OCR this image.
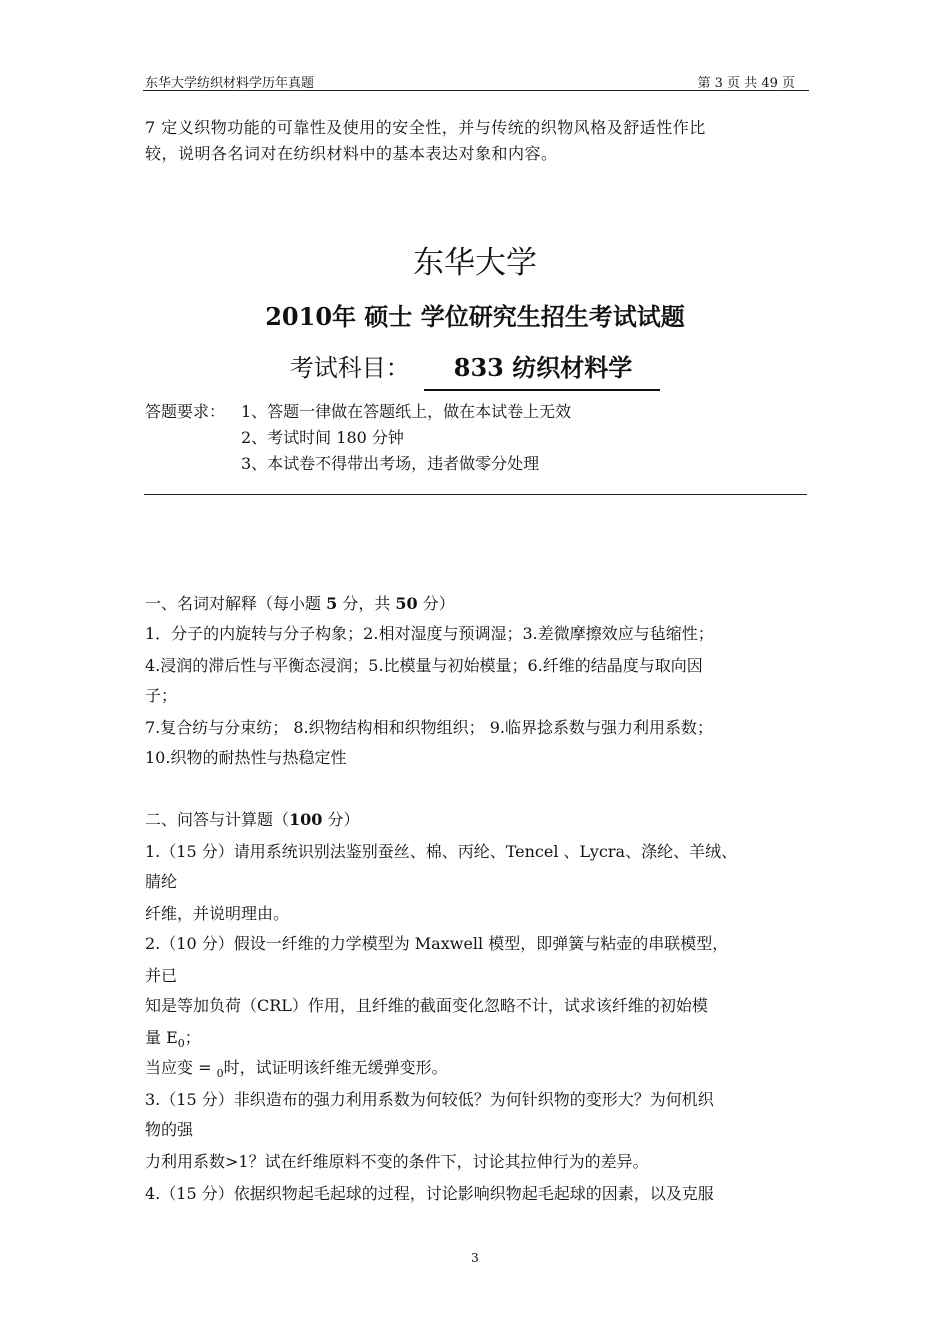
东华大学纺织材料学历年真题	第 3 页 共 49 页
7 定义织物功能的可靠性及使用的安全性，并与传统的织物风格及舒适性作比
较，说明各名词对在纺织材料中的基本表达对象和内容。
东华大学
2010年 硕士 学位研究生招生考试试题
考试科目： 833 纺织材料学
答题要求： 1、答题一律做在答题纸上，做在本试卷上无效
2、考试时间 180 分钟
3、本试卷不得带出考场，违者做零分处理
一、名词对解释（每小题 5 分，共 50 分）
1．分子的内旋转与分子构象；2.相对湿度与预调湿；3.差微摩擦效应与毡缩性；
4.浸润的滞后性与平衡态浸润；5.比模量与初始模量；6.纤维的结晶度与取向因
子；
7.复合纺与分束纺； 8.织物结构相和织物组织； 9.临界捻系数与强力利用系数；
10.织物的耐热性与热稳定性
二、问答与计算题（100 分）
1.（15 分）请用系统识别法鉴别蚕丝、棉、丙纶、Tencel 、Lycra、涤纶、羊绒、
腈纶
纤维，并说明理由。
2.（10 分）假设一纤维的力学模型为 Maxwell 模型，即弹簧与粘壶的串联模型，
并已
知是等加负荷（CRL）作用，且纤维的截面变化忽略不计，试求该纤维的初始模
量 $E_0$；
当应变 = $_0$时，试证明该纤维无缓弹变形。
3.（15 分）非织造布的强力利用系数为何较低？为何针织物的变形大？为何机织
物的强
力利用系数>1？试在纤维原料不变的条件下，讨论其拉伸行为的差异。
4.（15 分）依据织物起毛起球的过程，讨论影响织物起毛起球的因素，以及克服
3
